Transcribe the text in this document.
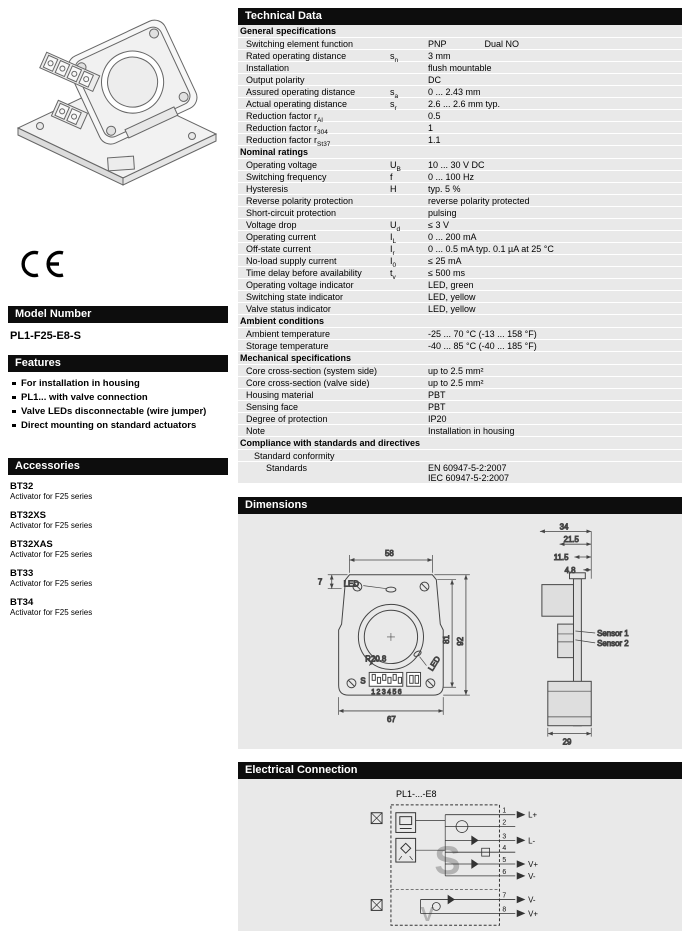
Model Number
PL1-F25-E8-S
Features
For installation in housing
PL1... with valve connection
Valve LEDs disconnectable (wire jumper)
Direct mounting on standard actuators
Accessories
BT32
Activator for F25 series
BT32XS
Activator for F25 series
BT32XAS
Activator for F25 series
BT33
Activator for F25 series
BT34
Activator for F25 series
Technical Data
General specifications
Switching element function	PNP	Dual NO
Rated operating distance	$s_n$	3 mm
Installation	flush mountable
Output polarity	DC
Assured operating distance	$s_a$	0 ... 2.43 mm
Actual operating distance	$s_r$	2.6 ... 2.6 mm typ.
Reduction factor $r_{Al}$	0.5
Reduction factor $r_{304}$	1
Reduction factor $r_{St37}$	1.1
Nominal ratings
Operating voltage	$U_B$	10 ... 30 V DC
Switching frequency	f	0 ... 100 Hz
Hysteresis	H	typ. 5 %
Reverse polarity protection	reverse polarity protected
Short-circuit protection	pulsing
Voltage drop	$U_d$	≤ 3 V
Operating current	$I_L$	0 ... 200 mA
Off-state current	$I_r$	0 ... 0.5 mA typ. 0.1 µA at 25 °C
No-load supply current	$I_0$	≤ 25 mA
Time delay before availability	$t_v$	≤ 500 ms
Operating voltage indicator	LED, green
Switching state indicator	LED, yellow
Valve status indicator	LED, yellow
Ambient conditions
Ambient temperature	-25 ... 70 °C (-13 ... 158 °F)
Storage temperature	-40 ... 85 °C (-40 ... 185 °F)
Mechanical specifications
Core cross-section (system side)	up to 2.5 mm²
Core cross-section (valve side)	up to 2.5 mm²
Housing material	PBT
Sensing face	PBT
Degree of protection	IP20
Note	Installation in housing
Compliance with standards and directives
Standard conformity
Standards	EN 60947-5-2:2007
IEC 60947-5-2:2007
Dimensions
58
7	LED
LED
R20.8
81 92
67
S
123456
34
21.5
11.5
4.8
Sensor 1
Sensor 2
29
Electrical Connection
PL1-...-E8
S
V
1
2
3
4
5
6
7
8
L+
L-
V+
V-
V-
V+
